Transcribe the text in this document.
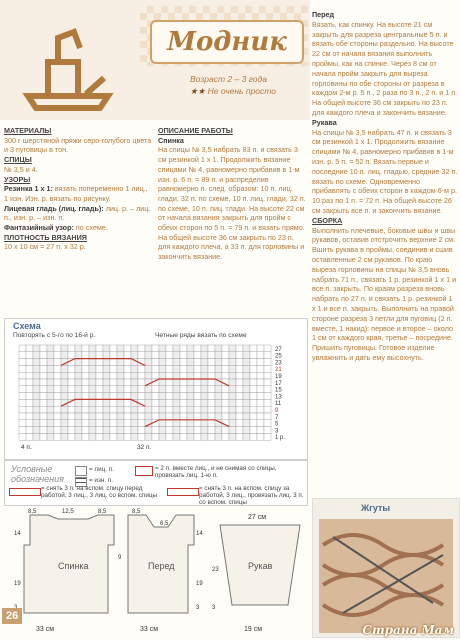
Модник
Возраст 2 – 3 года
★★ Не очень просто

МАТЕРИАЛЫ

300 г шерстяной пряжи серо-голубого цвета и 3 пуговицы в тон.

СПИЦЫ

№ 3,5 и 4.

УЗОРЫ

Резинка 1 х 1: вязать попеременно 1 лиц., 1 изн. Изн. р. вязать по рисунку.

Лицевая гладь (лиц. гладь): лиц. р. – лиц. п., изн. р. – изн. п.

Фантазийный узор: по схеме.

ПЛОТНОСТЬ ВЯЗАНИЯ

10 х 10 см = 27 п. х 32 р.

ОПИСАНИЕ РАБОТЫ

Спинка

На спицы № 3,5 набрать 83 п. и связать 3 см резинкой 1 х 1. Продолжить вязание спицами № 4, равномерно прибавив в 1-м изн. р. 6 п. = 89 п. и распределив равномерно п. след. образом: 10 п. лиц. глади, 32 п. по схеме, 10 п. лиц. глади, 32 п. по схеме, 10 п. лиц. глади. На высоте 22 см от начала вязания закрыть для пройм с обеих сторон по 5 п. = 79 п. и вязать прямо. На общей высоте 36 см закрыть по 23 п. для каждого плеча, а 33 п. для горловины и закончить вязание.

Перед

Вязать, как спинку. На высоте 21 см закрыть для разреза центральные 5 п. и вязать обе стороны раздельно. На высоте 22 см от начала вязания выполнить проймы, как на спинке. Через 8 см от начала пройм закрыть для выреза горловины по обе стороны от разреза в каждом 2-м р. 5 п., 2 раза по 3 п., 2 п. и 1 п. На общей высоте 36 см закрыть по 23 п. для каждого плеча и закончить вязание.

Рукава

На спицы № 3,5 набрать 47 п. и связать 3 см резинкой 1 х 1. Продолжить вязание спицами № 4, равномерно прибавив в 1-м изн. р. 5 п. = 52 п. Вязать первые и последние 10 п. лиц. гладью, средние 32 п. вязать по схеме. Одновременно прибавлять с обеих сторон в каждом 6-м р. 10 раз по 1 п. = 72 п. На общей высоте 26 см закрыть все п. и закончить вязание.

СБОРКА

Выполнить плечевые, боковые швы и швы рукавов, оставив отстрочить верхние 2 см. Вшить рукава в проймы, соединив и сшив оставленные 2 см рукавов. По краю выреза горловины на спицы № 3,5 вновь набрать 71 п., связать 1 р. резинкой 1 х 1 и все п. закрыть. По краям разреза вновь набрать по 27 п. и связать 1 р. резинкой 1 х 1 и все п. закрыть. Выполнить на правой стороне разреза 3 петли для пуговиц (2 п. вместе, 1 накид): первое и второе – около 1 см от каждого края, третье – посредине. Пришить пуговицы. Готовое изделие увлажнить и дать ему высохнуть.

Схема
Повторять с 5-го по 16-й р.	Четные ряды вязать по схеме
27
25
23
21
19
17
15
13
11
9
7
5
3
1 р.
32 п.
4 п.
Условные
обозначения
= лиц. п.
= изн. п.
= 2 п. вместе лиц., и не снимая со спицы, провязать лиц. 1-ю п.
= снять 3 п. на вспом. спицу перед работой, 3 лиц., 3 лиц. со вспом. спицы
= снять 3 п. на вспом. спицу за работой, 3 лиц., провязать лиц. 3 п. со вспом. спицы
Спинка
33 см
8,5	12,5	8,5
14
19
Перед
33 см
14
19
3
8,5
6,5
9
Рукав
27 см
19 см
23
3
Жгуты
26
Страна Мам
